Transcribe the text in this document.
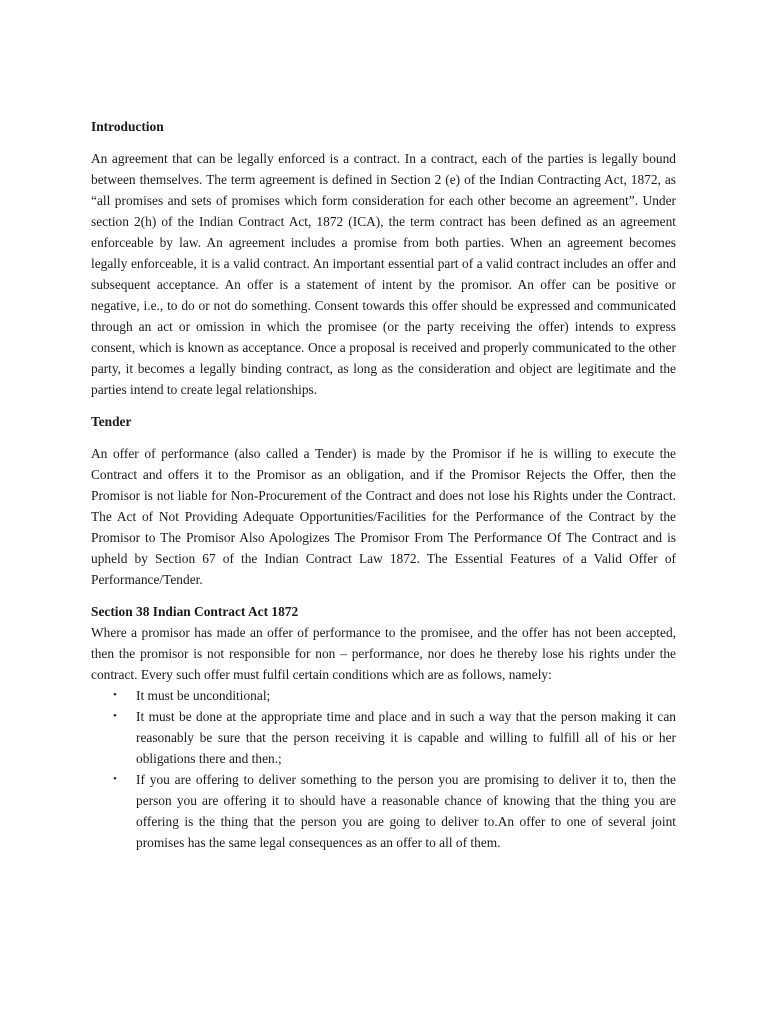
Introduction

An agreement that can be legally enforced is a contract. In a contract, each of the parties is legally bound between themselves. The term agreement is defined in Section 2 (e) of the Indian Contracting Act, 1872, as “all promises and sets of promises which form consideration for each other become an agreement”. Under section 2(h) of the Indian Contract Act, 1872 (ICA), the term contract has been defined as an agreement enforceable by law. An agreement includes a promise from both parties. When an agreement becomes legally enforceable, it is a valid contract. An important essential part of a valid contract includes an offer and subsequent acceptance. An offer is a statement of intent by the promisor. An offer can be positive or negative, i.e., to do or not do something. Consent towards this offer should be expressed and communicated through an act or omission in which the promisee (or the party receiving the offer) intends to express consent, which is known as acceptance. Once a proposal is received and properly communicated to the other party, it becomes a legally binding contract, as long as the consideration and object are legitimate and the parties intend to create legal relationships.

Tender

An offer of performance (also called a Tender) is made by the Promisor if he is willing to execute the Contract and offers it to the Promisor as an obligation, and if the Promisor Rejects the Offer, then the Promisor is not liable for Non-Procurement of the Contract and does not lose his Rights under the Contract. The Act of Not Providing Adequate Opportunities/Facilities for the Performance of the Contract by the Promisor to The Promisor Also Apologizes The Promisor From The Performance Of The Contract and is upheld by Section 67 of the Indian Contract Law 1872. The Essential Features of a Valid Offer of Performance/Tender.

Section 38 Indian Contract Act 1872

Where a promisor has made an offer of performance to the promisee, and the offer has not been accepted, then the promisor is not responsible for non – performance, nor does he thereby lose his rights under the contract. Every such offer must fulfil certain conditions which are as follows, namely:

• It must be unconditional;
• It must be done at the appropriate time and place and in such a way that the person making it can reasonably be sure that the person receiving it is capable and willing to fulfill all of his or her obligations there and then.;
• If you are offering to deliver something to the person you are promising to deliver it to, then the person you are offering it to should have a reasonable chance of knowing that the thing you are offering is the thing that the person you are going to deliver to.An offer to one of several joint promises has the same legal consequences as an offer to all of them.
